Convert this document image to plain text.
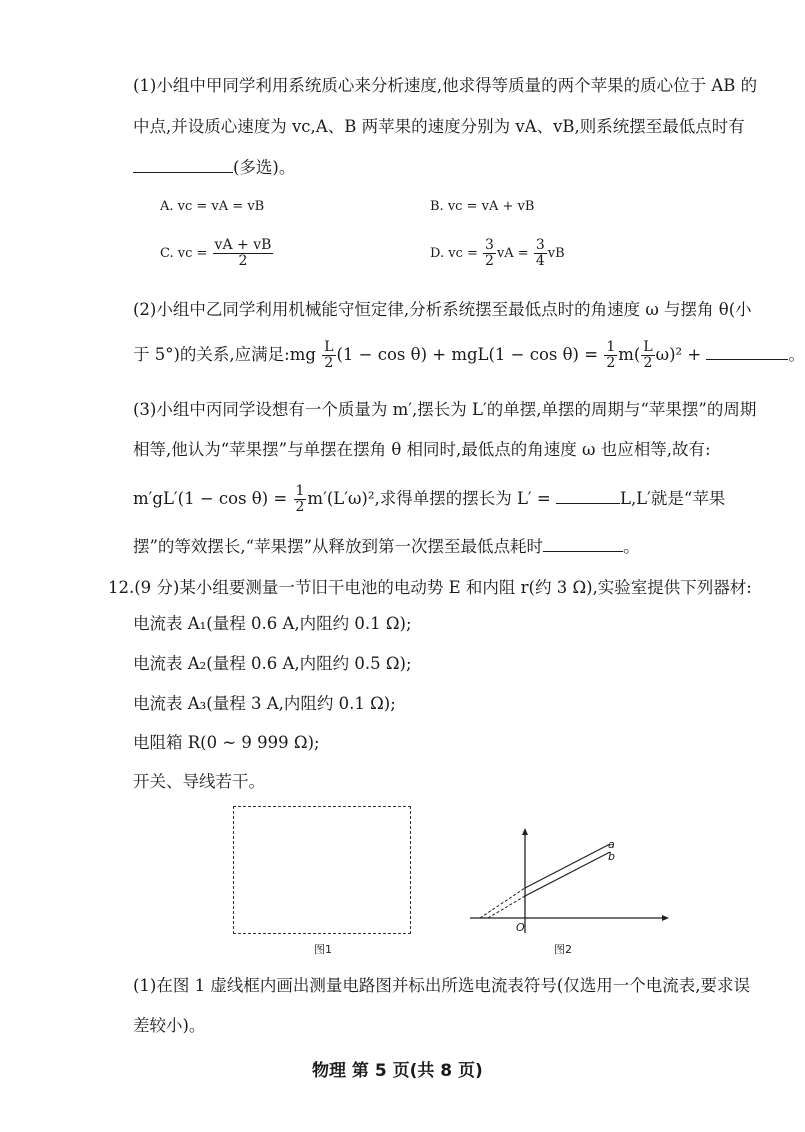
(1)小组中甲同学利用系统质心来分析速度,他求得等质量的两个苹果的质心位于 AB 的
中点,并设质心速度为 vc,A、B 两苹果的速度分别为 vA、vB,则系统摆至最低点时有
(多选)。
A. vc = vA = vB	B. vc = vA + vB
C. vc = $\frac{vA + vB}{2}$	D. vc = $\frac{3}{2}$ vA = $\frac{3}{4}$ vB
(2)小组中乙同学利用机械能守恒定律,分析系统摆至最低点时的角速度 ω 与摆角 θ(小
于 5°)的关系,应满足:mg $\frac{L}{2} (1 - \cos \theta) + mgL(1 - \cos \theta) = \frac{1}{2} m( \frac{L}{2} \omega)^2$ +	。
(3)小组中丙同学设想有一个质量为 m′,摆长为 L′的单摆,单摆的周期与“苹果摆”的周期
相等,他认为“苹果摆”与单摆在摆角 θ 相同时,最低点的角速度 ω 也应相等,故有:
$m'gL'(1 - \cos \theta) = \frac{1}{2} m'(L'\omega)^2$,求得单摆的摆长为 L′ =	L,L′就是“苹果
摆”的等效摆长,“苹果摆”从释放到第一次摆至最低点耗时	。
12.(9 分)某小组要测量一节旧干电池的电动势 E 和内阻 r(约 3 Ω),实验室提供下列器材:
电流表 A₁(量程 0.6 A,内阻约 0.1 Ω);
电流表 A₂(量程 0.6 A,内阻约 0.5 Ω);
电流表 A₃(量程 3 A,内阻约 0.1 Ω);
电阻箱 R(0 ~ 9 999 Ω);
开关、导线若干。
图1
a
b
O
图2
(1)在图 1 虚线框内画出测量电路图并标出所选电流表符号(仅选用一个电流表,要求误
差较小)。
物理 第 5 页(共 8 页)
